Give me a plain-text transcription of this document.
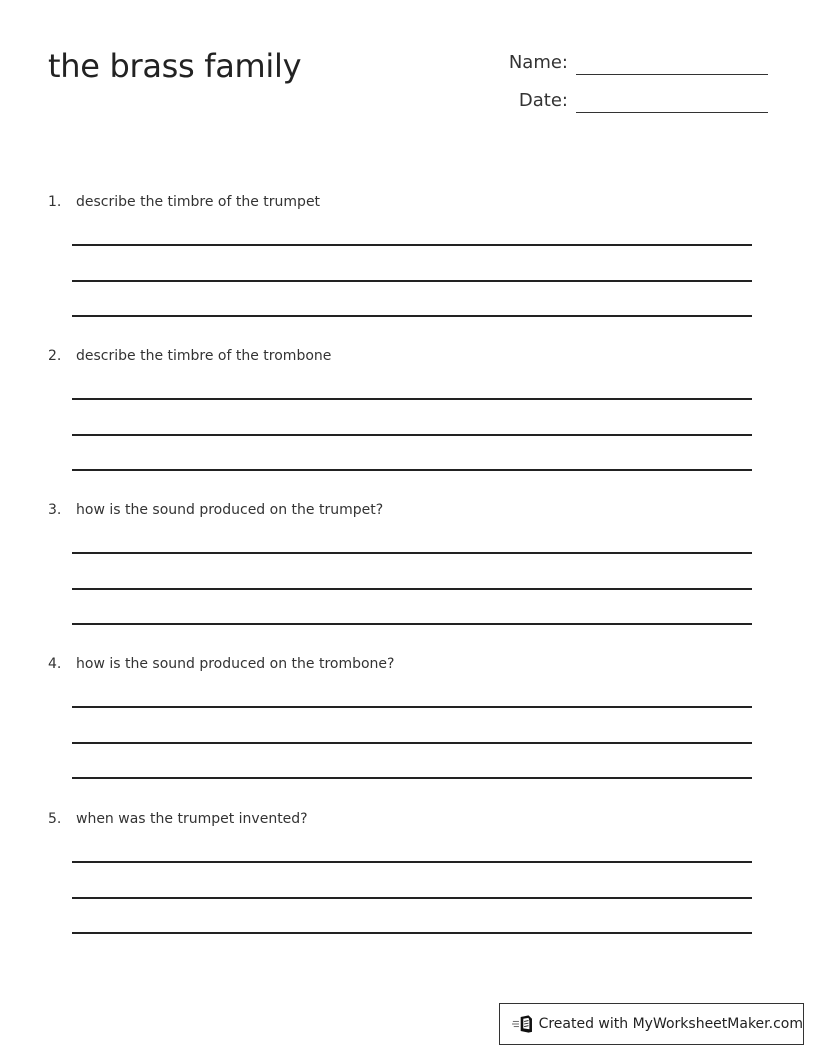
the brass family	Name:
Date:
1. describe the timbre of the trumpet
2. describe the timbre of the trombone
3. how is the sound produced on the trumpet?
4. how is the sound produced on the trombone?
5. when was the trumpet invented?
Created with MyWorksheetMaker.com
